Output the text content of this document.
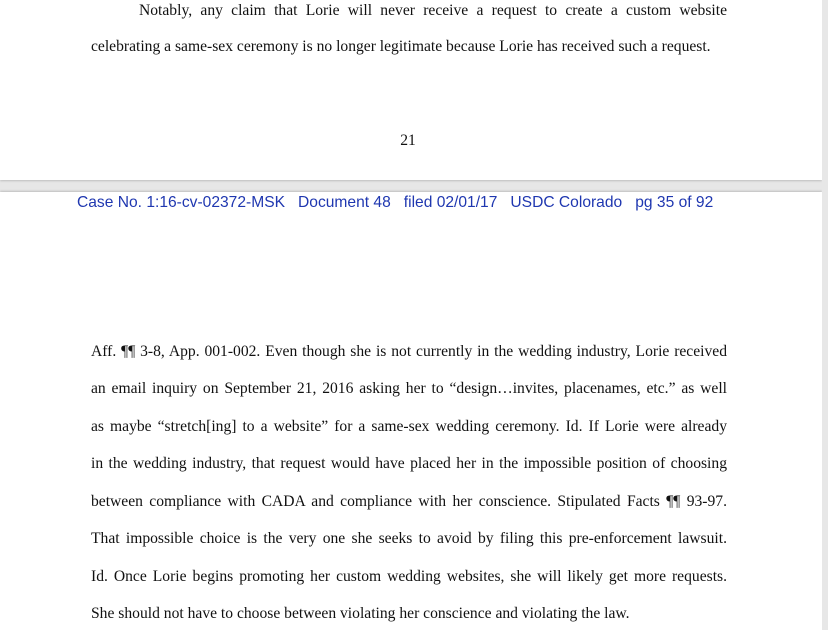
Notably, any claim that Lorie will never receive a request to create a custom website
celebrating a same-sex ceremony is no longer legitimate because Lorie has received such a request.
21
Case No. 1:16-cv-02372-MSK Document 48 filed 02/01/17 USDC Colorado pg 35 of 92
Aff. ¶¶ 3-8, App. 001-002. Even though she is not currently in the wedding industry, Lorie received
an email inquiry on September 21, 2016 asking her to “design…invites, placenames, etc.” as well
as maybe “stretch[ing] to a website” for a same-sex wedding ceremony. Id. If Lorie were already
in the wedding industry, that request would have placed her in the impossible position of choosing
between compliance with CADA and compliance with her conscience. Stipulated Facts ¶¶ 93-97.
That impossible choice is the very one she seeks to avoid by filing this pre-enforcement lawsuit.
Id. Once Lorie begins promoting her custom wedding websites, she will likely get more requests.
She should not have to choose between violating her conscience and violating the law.
